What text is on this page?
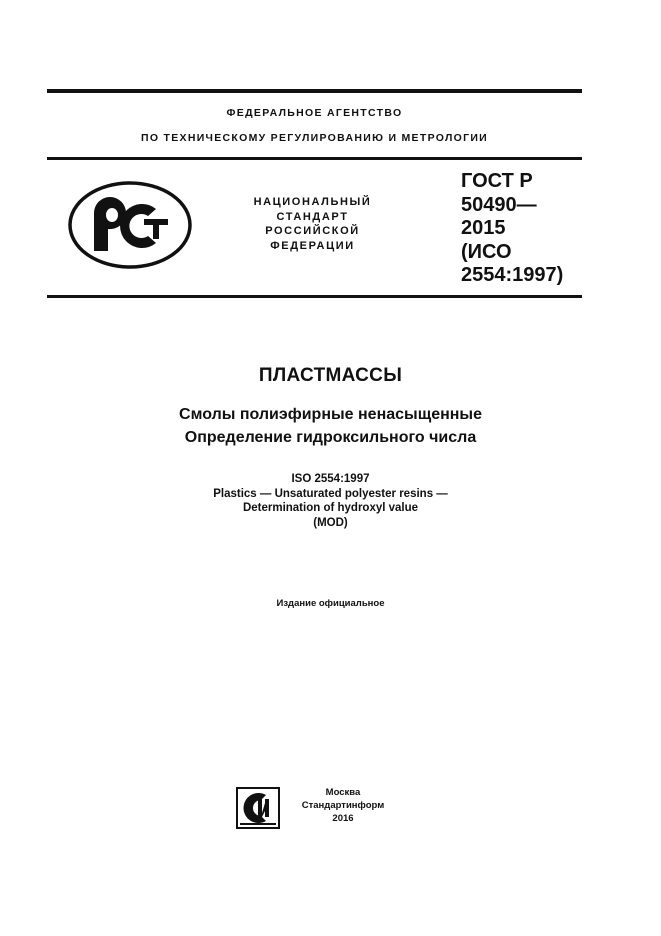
ФЕДЕРАЛЬНОЕ АГЕНТСТВО
ПО ТЕХНИЧЕСКОМУ РЕГУЛИРОВАНИЮ И МЕТРОЛОГИИ
НАЦИОНАЛЬНЫЙ
СТАНДАРТ
РОССИЙСКОЙ
ФЕДЕРАЦИИ
ГОСТ Р
50490—
2015
(ИСО
2554:1997)
ПЛАСТМАССЫ
Смолы полиэфирные ненасыщенные
Определение гидроксильного числа
ISO 2554:1997
Plastics — Unsaturated polyester resins —
Determination of hydroxyl value
(MOD)
Издание официальное
Москва
Стандартинформ
2016
